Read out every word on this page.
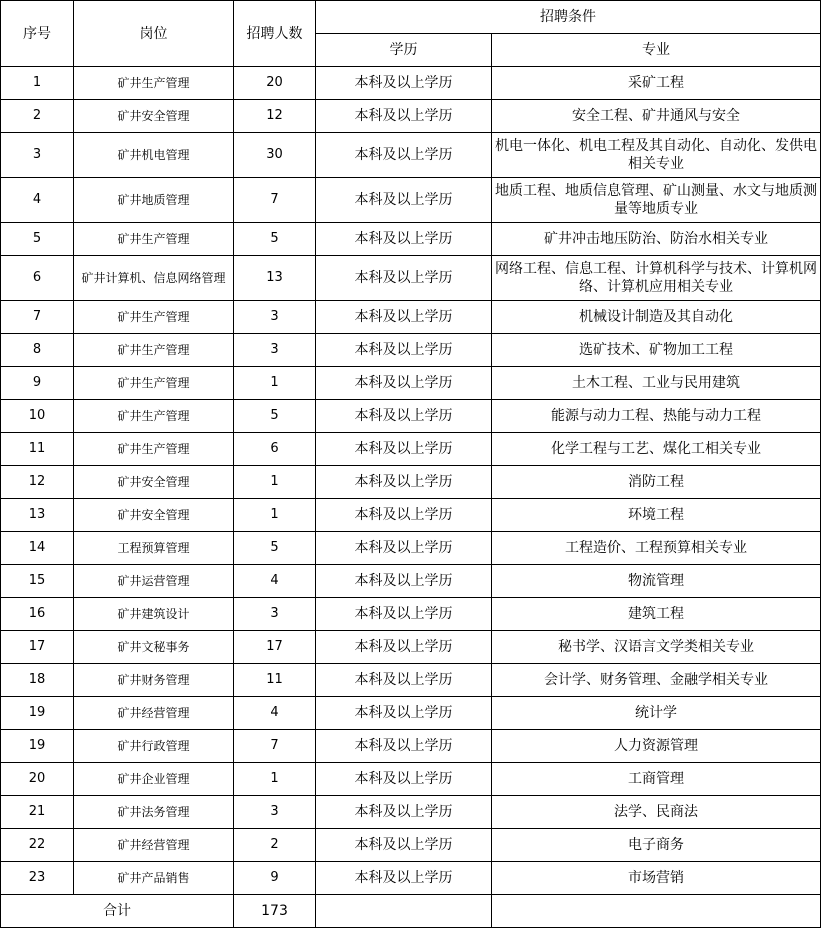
序号	岗位	招聘人数	招聘条件	
			学历	专业
1	矿井生产管理	20	本科及以上学历	采矿工程
2	矿井安全管理	12	本科及以上学历	安全工程、矿井通风与安全
3	矿井机电管理	30	本科及以上学历	机电一体化、机电工程及其自动化、自动化、发供电相关专业
4	矿井地质管理	7	本科及以上学历	地质工程、地质信息管理、矿山测量、水文与地质测量等地质专业
5	矿井生产管理	5	本科及以上学历	矿井冲击地压防治、防治水相关专业
6	矿井计算机、信息网络管理	13	本科及以上学历	网络工程、信息工程、计算机科学与技术、计算机网络、计算机应用相关专业
7	矿井生产管理	3	本科及以上学历	机械设计制造及其自动化
8	矿井生产管理	3	本科及以上学历	选矿技术、矿物加工工程
9	矿井生产管理	1	本科及以上学历	土木工程、工业与民用建筑
10	矿井生产管理	5	本科及以上学历	能源与动力工程、热能与动力工程
11	矿井生产管理	6	本科及以上学历	化学工程与工艺、煤化工相关专业
12	矿井安全管理	1	本科及以上学历	消防工程
13	矿井安全管理	1	本科及以上学历	环境工程
14	工程预算管理	5	本科及以上学历	工程造价、工程预算相关专业
15	矿井运营管理	4	本科及以上学历	物流管理
16	矿井建筑设计	3	本科及以上学历	建筑工程
17	矿井文秘事务	17	本科及以上学历	秘书学、汉语言文学类相关专业
18	矿井财务管理	11	本科及以上学历	会计学、财务管理、金融学相关专业
19	矿井经营管理	4	本科及以上学历	统计学
19	矿井行政管理	7	本科及以上学历	人力资源管理
20	矿井企业管理	1	本科及以上学历	工商管理
21	矿井法务管理	3	本科及以上学历	法学、民商法
22	矿井经营管理	2	本科及以上学历	电子商务
23	矿井产品销售	9	本科及以上学历	市场营销
合计		173		
